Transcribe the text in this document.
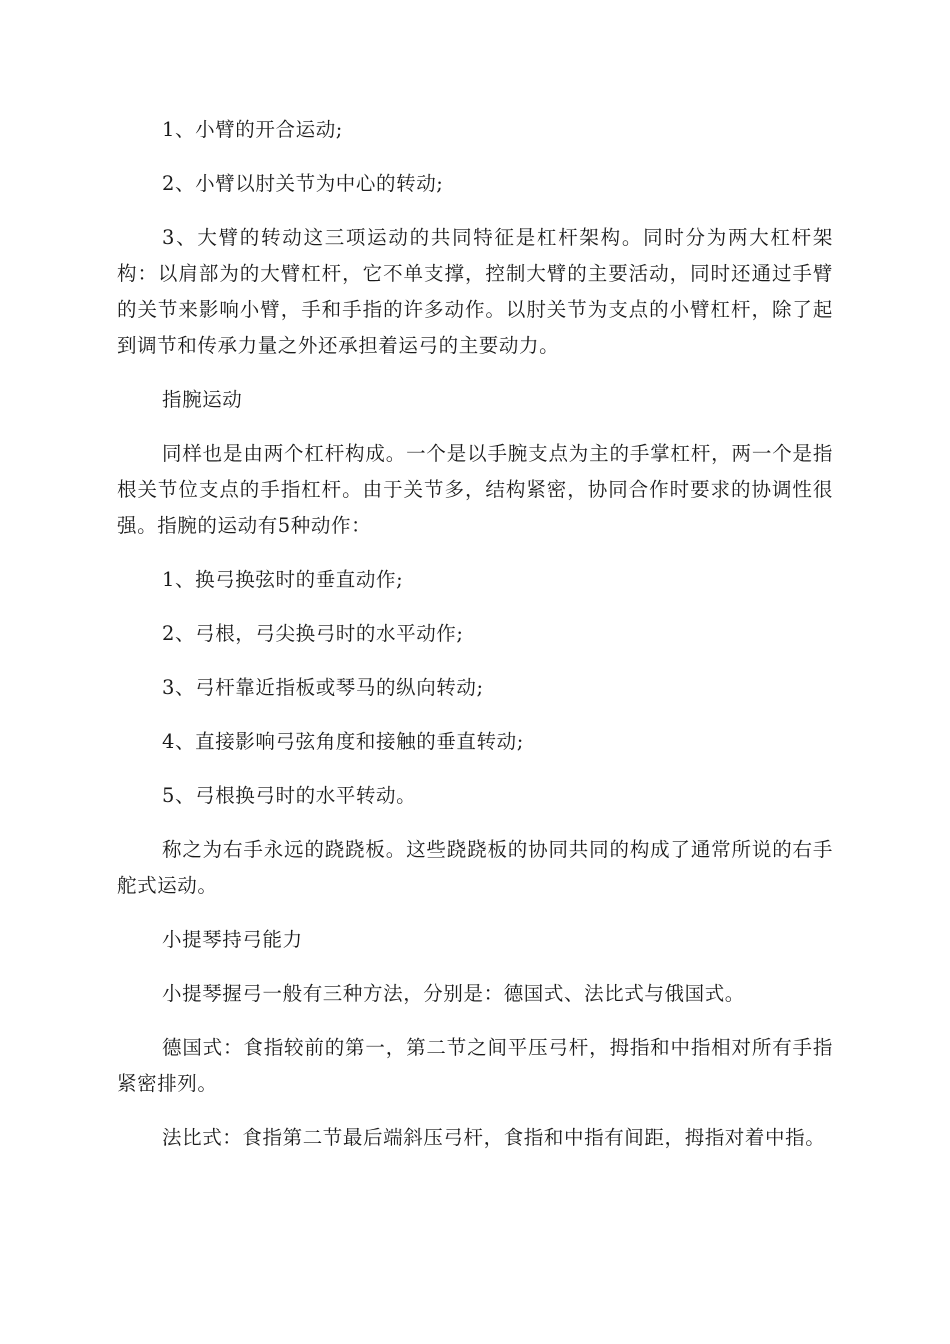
1、小臂的开合运动;

2、小臂以肘关节为中心的转动;

3、大臂的转动这三项运动的共同特征是杠杆架构。同时分为两大杠杆架构：以肩部为的大臂杠杆，它不单支撑，控制大臂的主要活动，同时还通过手臂的关节来影响小臂，手和手指的许多动作。以肘关节为支点的小臂杠杆，除了起到调节和传承力量之外还承担着运弓的主要动力。

指腕运动

同样也是由两个杠杆构成。一个是以手腕支点为主的手掌杠杆，两一个是指根关节位支点的手指杠杆。由于关节多，结构紧密，协同合作时要求的协调性很强。指腕的运动有5种动作：

1、换弓换弦时的垂直动作;

2、弓根，弓尖换弓时的水平动作;

3、弓杆靠近指板或琴马的纵向转动;

4、直接影响弓弦角度和接触的垂直转动;

5、弓根换弓时的水平转动。

称之为右手永远的跷跷板。这些跷跷板的协同共同的构成了通常所说的右手舵式运动。

小提琴持弓能力

小提琴握弓一般有三种方法，分别是：德国式、法比式与俄国式。

德国式：食指较前的第一，第二节之间平压弓杆，拇指和中指相对所有手指紧密排列。

法比式：食指第二节最后端斜压弓杆，食指和中指有间距，拇指对着中指。
